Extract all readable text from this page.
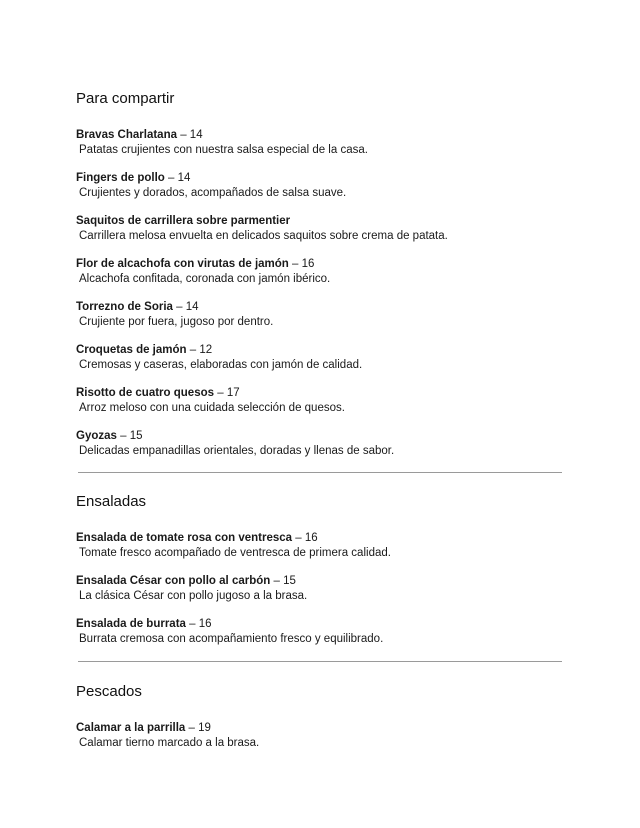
Para compartir
Bravas Charlatana – 14
Patatas crujientes con nuestra salsa especial de la casa.
Fingers de pollo – 14
Crujientes y dorados, acompañados de salsa suave.
Saquitos de carrillera sobre parmentier
Carrillera melosa envuelta en delicados saquitos sobre crema de patata.
Flor de alcachofa con virutas de jamón – 16
Alcachofa confitada, coronada con jamón ibérico.
Torrezno de Soria – 14
Crujiente por fuera, jugoso por dentro.
Croquetas de jamón – 12
Cremosas y caseras, elaboradas con jamón de calidad.
Risotto de cuatro quesos – 17
Arroz meloso con una cuidada selección de quesos.
Gyozas – 15
Delicadas empanadillas orientales, doradas y llenas de sabor.
Ensaladas
Ensalada de tomate rosa con ventresca – 16
Tomate fresco acompañado de ventresca de primera calidad.
Ensalada César con pollo al carbón – 15
La clásica César con pollo jugoso a la brasa.
Ensalada de burrata – 16
Burrata cremosa con acompañamiento fresco y equilibrado.
Pescados
Calamar a la parrilla – 19
Calamar tierno marcado a la brasa.
